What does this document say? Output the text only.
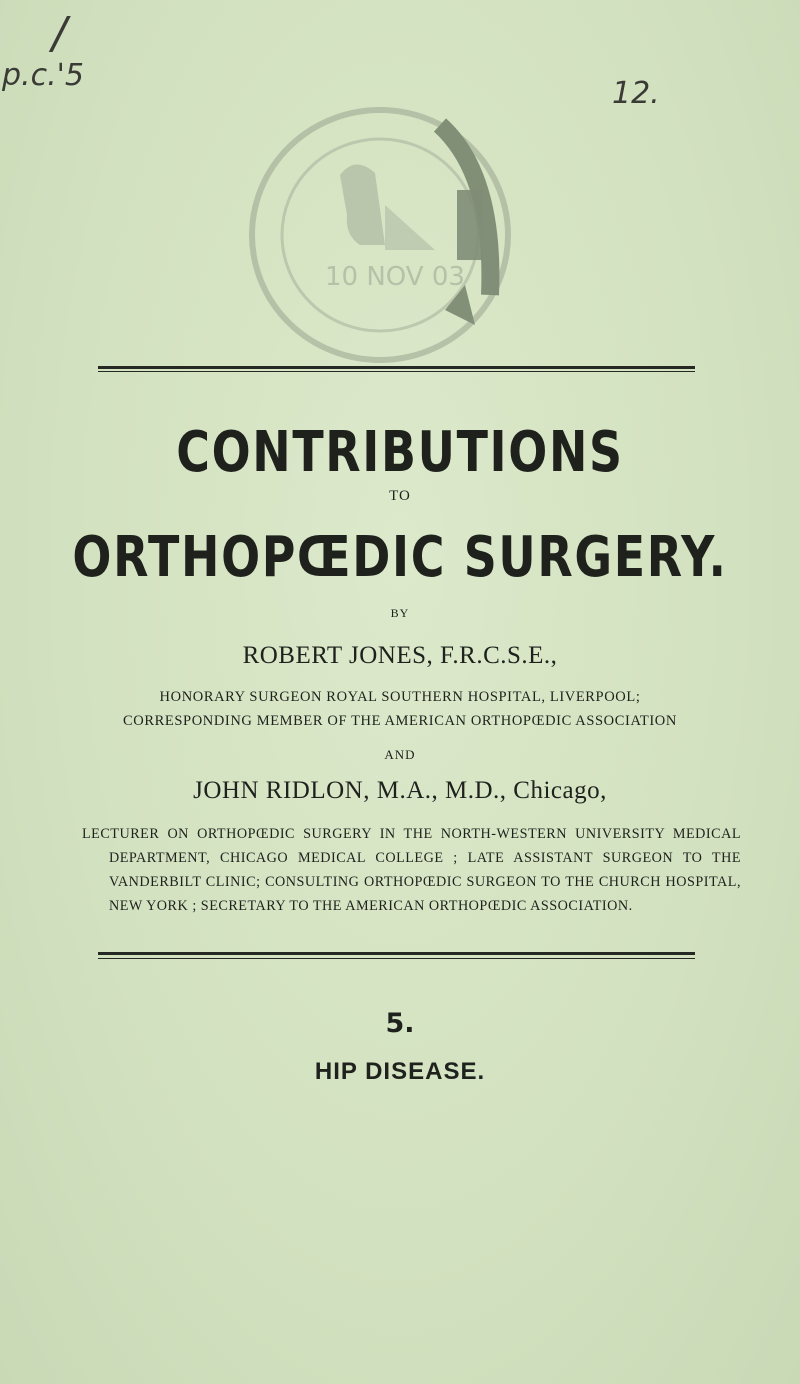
/
p.c.'5
12.
10 NOV 03
CONTRIBUTIONS
TO
ORTHOPŒDIC SURGERY.
BY
ROBERT JONES, F.R.C.S.E.,
HONORARY SURGEON ROYAL SOUTHERN HOSPITAL, LIVERPOOL;
CORRESPONDING MEMBER OF THE AMERICAN ORTHOPŒDIC ASSOCIATION
AND
JOHN RIDLON, M.A., M.D., Chicago,
LECTURER ON ORTHOPŒDIC SURGERY IN THE NORTH-WESTERN UNIVERSITY MEDICAL DEPARTMENT, CHICAGO MEDICAL COLLEGE ; LATE ASSISTANT SURGEON TO THE VANDERBILT CLINIC; CONSULTING ORTHOPŒDIC SURGEON TO THE CHURCH HOSPITAL, NEW YORK ; SECRETARY TO THE AMERICAN ORTHOPŒDIC ASSOCIATION.
5.
HIP DISEASE.
